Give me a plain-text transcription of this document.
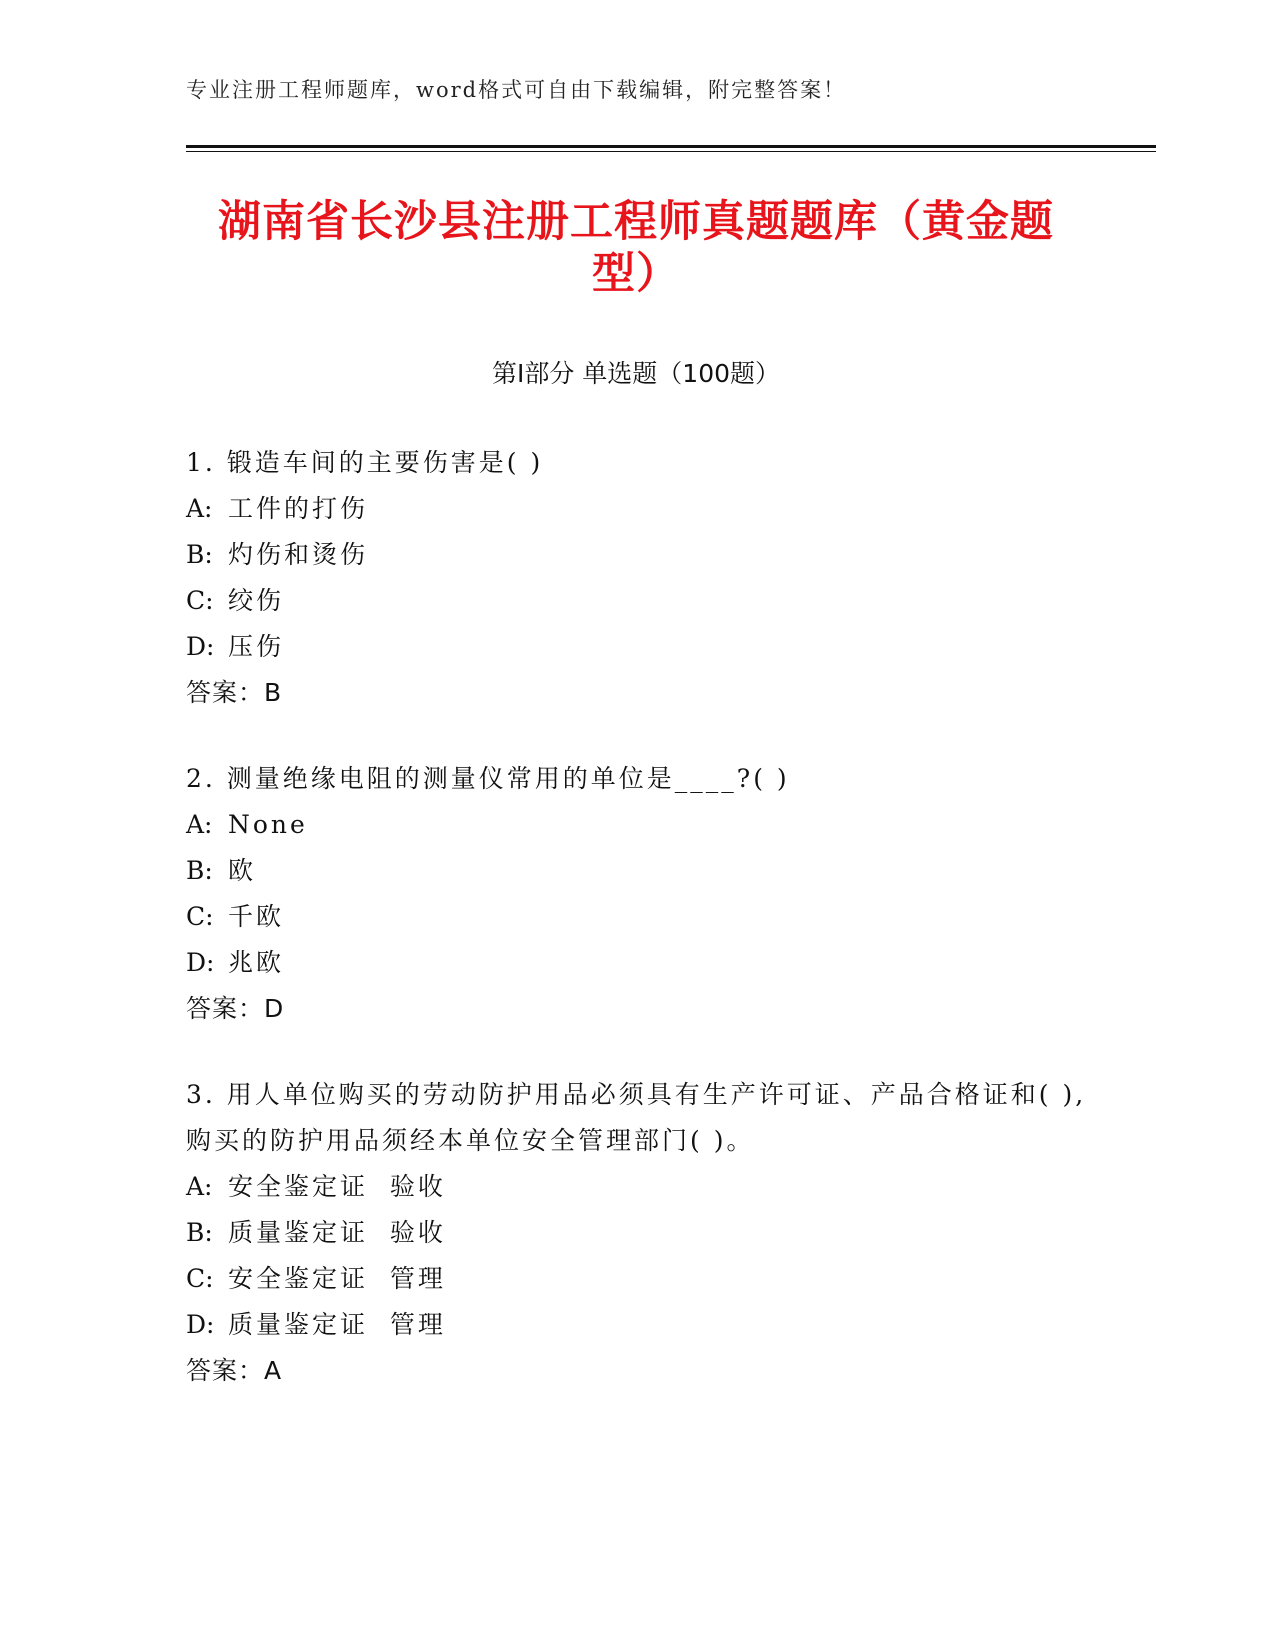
专业注册工程师题库，word格式可自由下载编辑，附完整答案！
湖南省长沙县注册工程师真题题库（黄金题
型）
第Ⅰ部分 单选题（100题）

1. 锻造车间的主要伤害是( )

A: 工件的打伤

B: 灼伤和烫伤

C: 绞伤

D: 压伤

答案：B

2. 测量绝缘电阻的测量仪常用的单位是____?( )

A: None

B: 欧

C: 千欧

D: 兆欧

答案：D

3. 用人单位购买的劳动防护用品必须具有生产许可证、产品合格证和( ),购买的防护用品须经本单位安全管理部门( )。

A: 安全鉴定证  验收

B: 质量鉴定证  验收

C: 安全鉴定证  管理

D: 质量鉴定证  管理

答案：A
